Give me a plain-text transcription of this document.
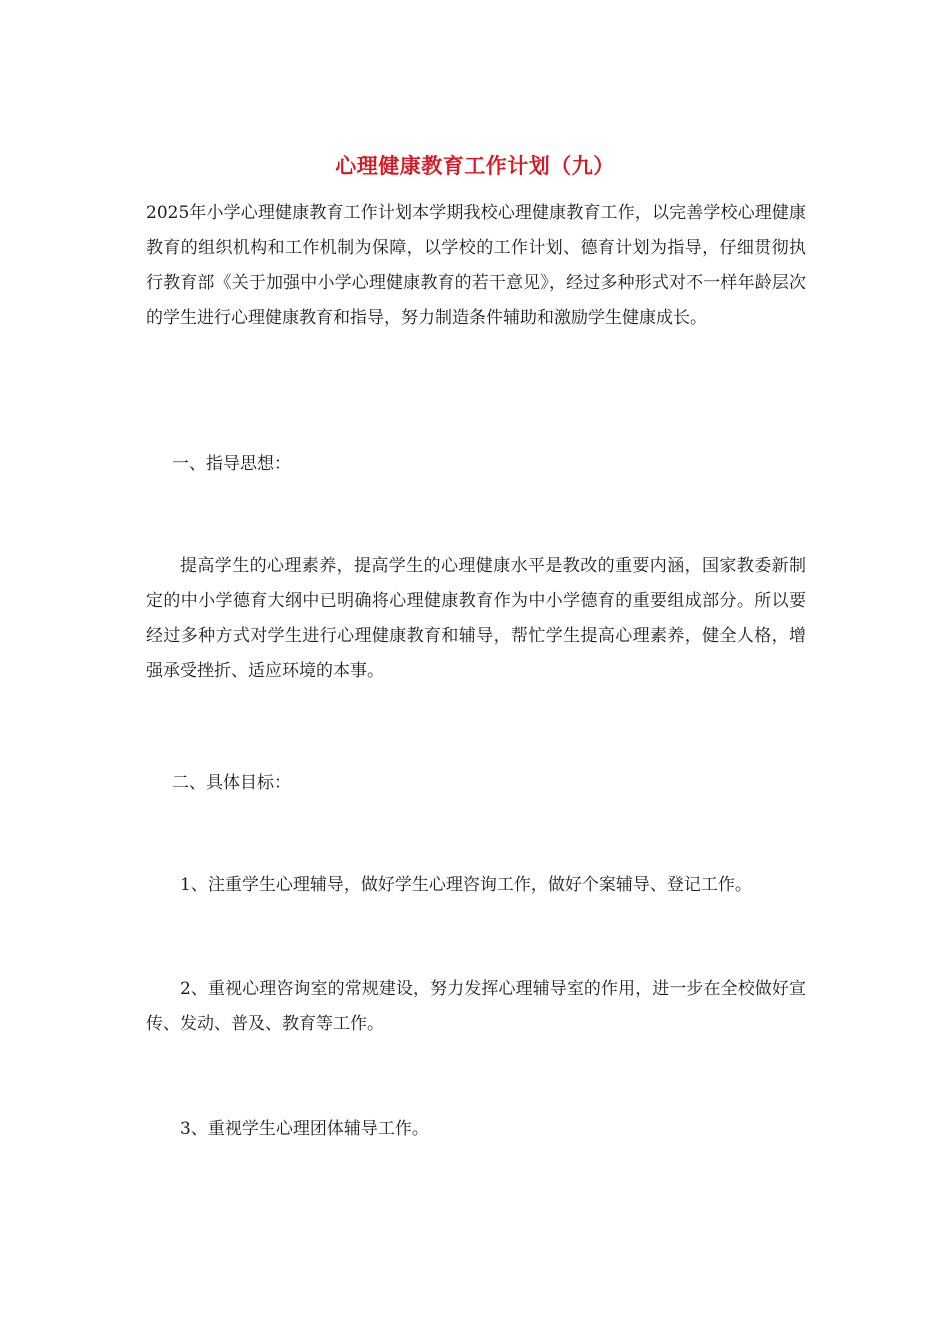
心理健康教育工作计划（九）
2025年小学心理健康教育工作计划本学期我校心理健康教育工作，以完善学校心理健康教育的组织机构和工作机制为保障，以学校的工作计划、德育计划为指导，仔细贯彻执行教育部《关于加强中小学心理健康教育的若干意见》，经过多种形式对不一样年龄层次的学生进行心理健康教育和指导，努力制造条件辅助和激励学生健康成长。
一、指导思想：
提高学生的心理素养，提高学生的心理健康水平是教改的重要内涵，国家教委新制定的中小学德育大纲中已明确将心理健康教育作为中小学德育的重要组成部分。所以要经过多种方式对学生进行心理健康教育和辅导，帮忙学生提高心理素养，健全人格，增强承受挫折、适应环境的本事。
二、具体目标：
1、注重学生心理辅导，做好学生心理咨询工作，做好个案辅导、登记工作。
2、重视心理咨询室的常规建设，努力发挥心理辅导室的作用，进一步在全校做好宣传、发动、普及、教育等工作。
3、重视学生心理团体辅导工作。
